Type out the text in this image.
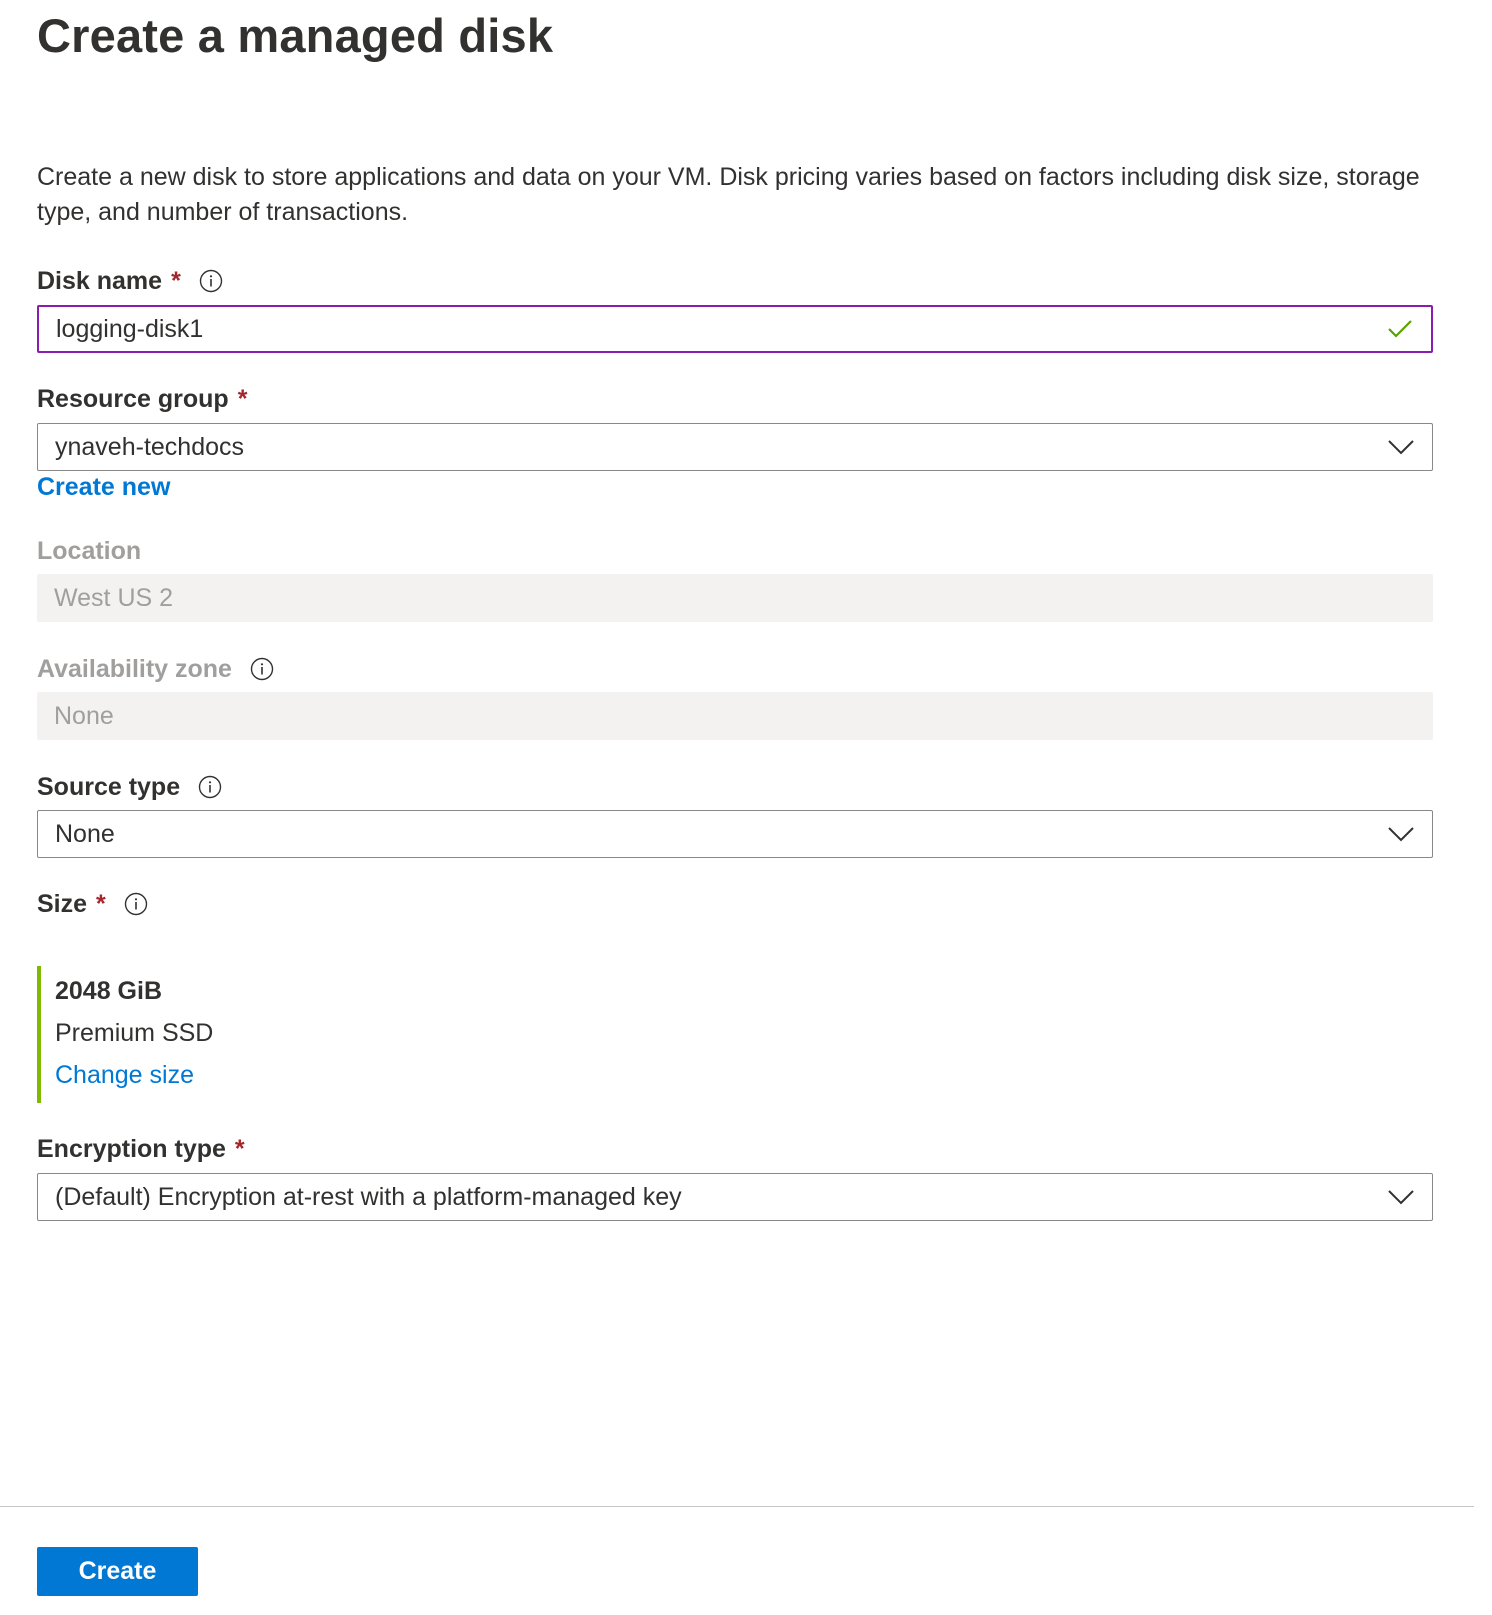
Create a managed disk
Create a new disk to store applications and data on your VM. Disk pricing varies based on factors including disk size, storage type, and number of transactions.
Disk name *
logging-disk1
Resource group *
ynaveh-techdocs
Create new
Location
West US 2
Availability zone
None
Source type
None
Size *
2048 GiB
Premium SSD
Change size
Encryption type *
(Default) Encryption at-rest with a platform-managed key
Create
